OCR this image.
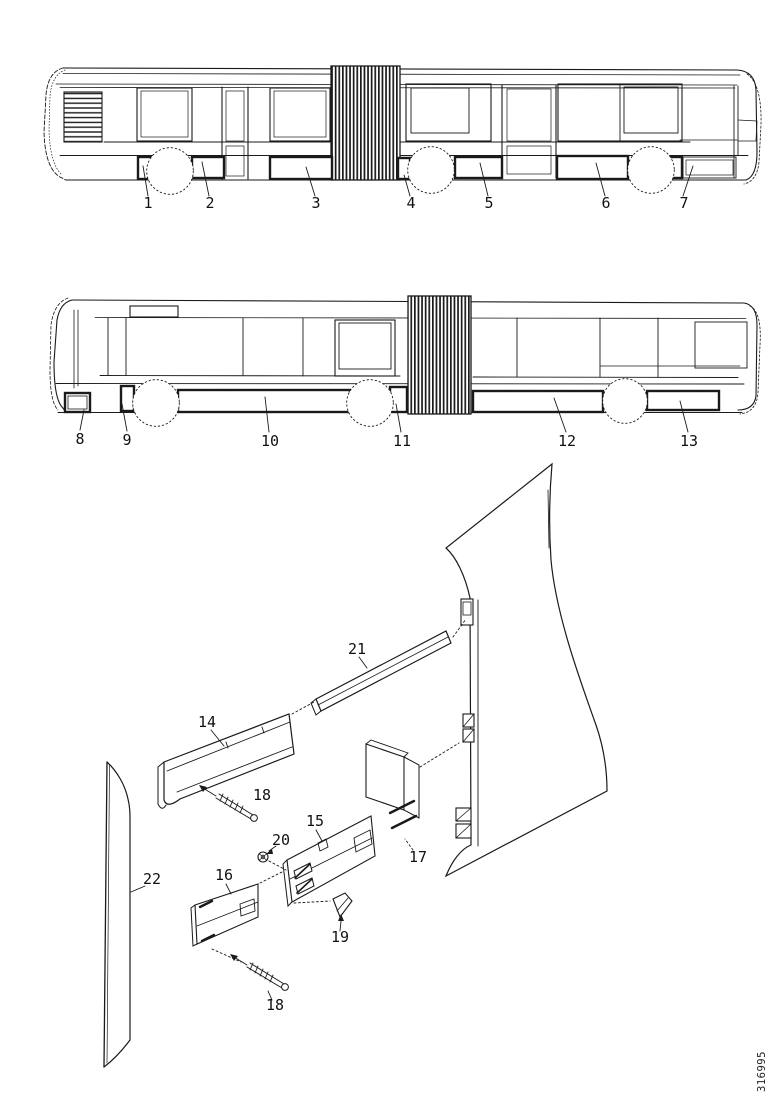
1	2	3	4	5	6	7
8	9	10	11	12	13
14
15
16
17
18
18
19
20
21
22
316995
